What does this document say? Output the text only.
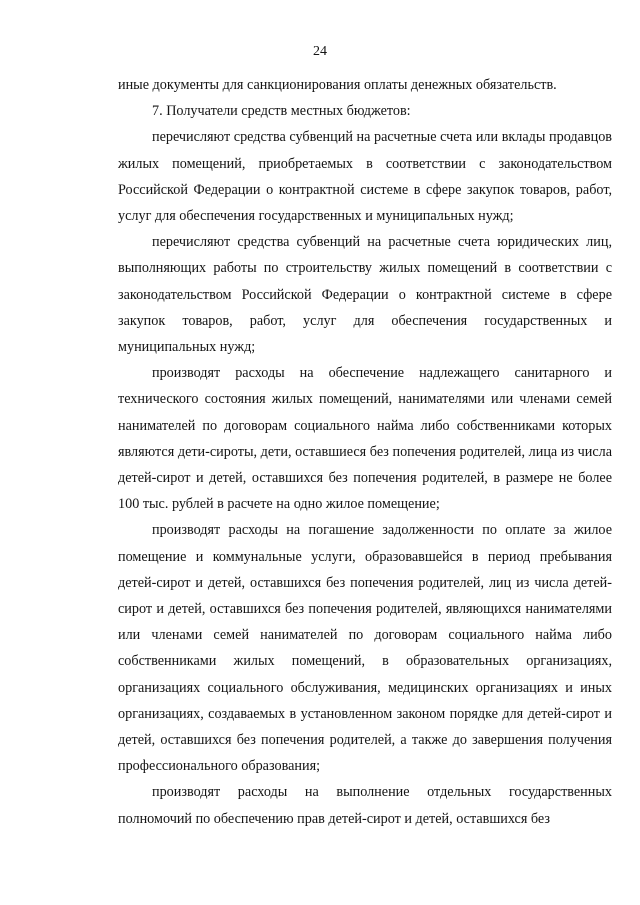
24

иные документы для санкционирования оплаты денежных обязательств.

7. Получатели средств местных бюджетов:

перечисляют средства субвенций на расчетные счета или вклады продавцов жилых помещений, приобретаемых в соответствии с законодательством Российской Федерации о контрактной системе в сфере закупок товаров, работ, услуг для обеспечения государственных и муниципальных нужд;

перечисляют средства субвенций на расчетные счета юридических лиц, выполняющих работы по строительству жилых помещений в соответствии с законодательством Российской Федерации о контрактной системе в сфере закупок товаров, работ, услуг для обеспечения государственных и муниципальных нужд;

производят расходы на обеспечение надлежащего санитарного и технического состояния жилых помещений, нанимателями или членами семей нанимателей по договорам социального найма либо собственниками которых являются дети-сироты, дети, оставшиеся без попечения родителей, лица из числа детей-сирот и детей, оставшихся без попечения родителей, в размере не более 100 тыс. рублей в расчете на одно жилое помещение;

производят расходы на погашение задолженности по оплате за жилое помещение и коммунальные услуги, образовавшейся в период пребывания детей-сирот и детей, оставшихся без попечения родителей, лиц из числа детей-сирот и детей, оставшихся без попечения родителей, являющихся нанимателями или членами семей нанимателей по договорам социального найма либо собственниками жилых помещений, в образовательных организациях, организациях социального обслуживания, медицинских организациях и иных организациях, создаваемых в установленном законом порядке для детей-сирот и детей, оставшихся без попечения родителей, а также до завершения получения профессионального образования;

производят расходы на выполнение отдельных государственных полномочий по обеспечению прав детей-сирот и детей, оставшихся без
